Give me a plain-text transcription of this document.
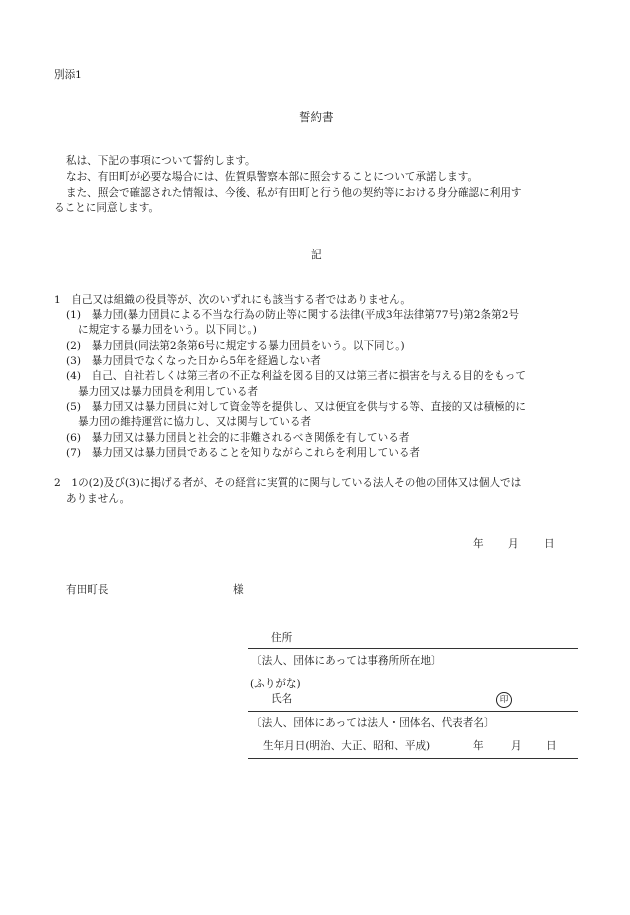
別添1
誓約書
私は、下記の事項について誓約します。
なお、有田町が必要な場合には、佐賀県警察本部に照会することについて承諾します。
また、照会で確認された情報は、今後、私が有田町と行う他の契約等における身分確認に利用す
ることに同意します。
記
1　自己又は組織の役員等が、次のいずれにも該当する者ではありません。
(1)　暴力団(暴力団員による不当な行為の防止等に関する法律(平成3年法律第77号)第2条第2号
に規定する暴力団をいう。以下同じ。)
(2)　暴力団員(同法第2条第6号に規定する暴力団員をいう。以下同じ。)
(3)　暴力団員でなくなった日から5年を経過しない者
(4)　自己、自社若しくは第三者の不正な利益を図る目的又は第三者に損害を与える目的をもって
暴力団又は暴力団員を利用している者
(5)　暴力団又は暴力団員に対して資金等を提供し、又は便宜を供与する等、直接的又は積極的に
暴力団の維持運営に協力し、又は関与している者
(6)　暴力団又は暴力団員と社会的に非難されるべき関係を有している者
(7)　暴力団又は暴力団員であることを知りながらこれらを利用している者
2　1の(2)及び(3)に掲げる者が、その経営に実質的に関与している法人その他の団体又は個人では
ありません。
年 月 日
有田町長	様
住所
〔法人、団体にあっては事務所所在地〕
(ふりがな)
氏名	印
〔法人、団体にあっては法人・団体名、代表者名〕
生年月日(明治、大正、昭和、平成)	年	月 日
